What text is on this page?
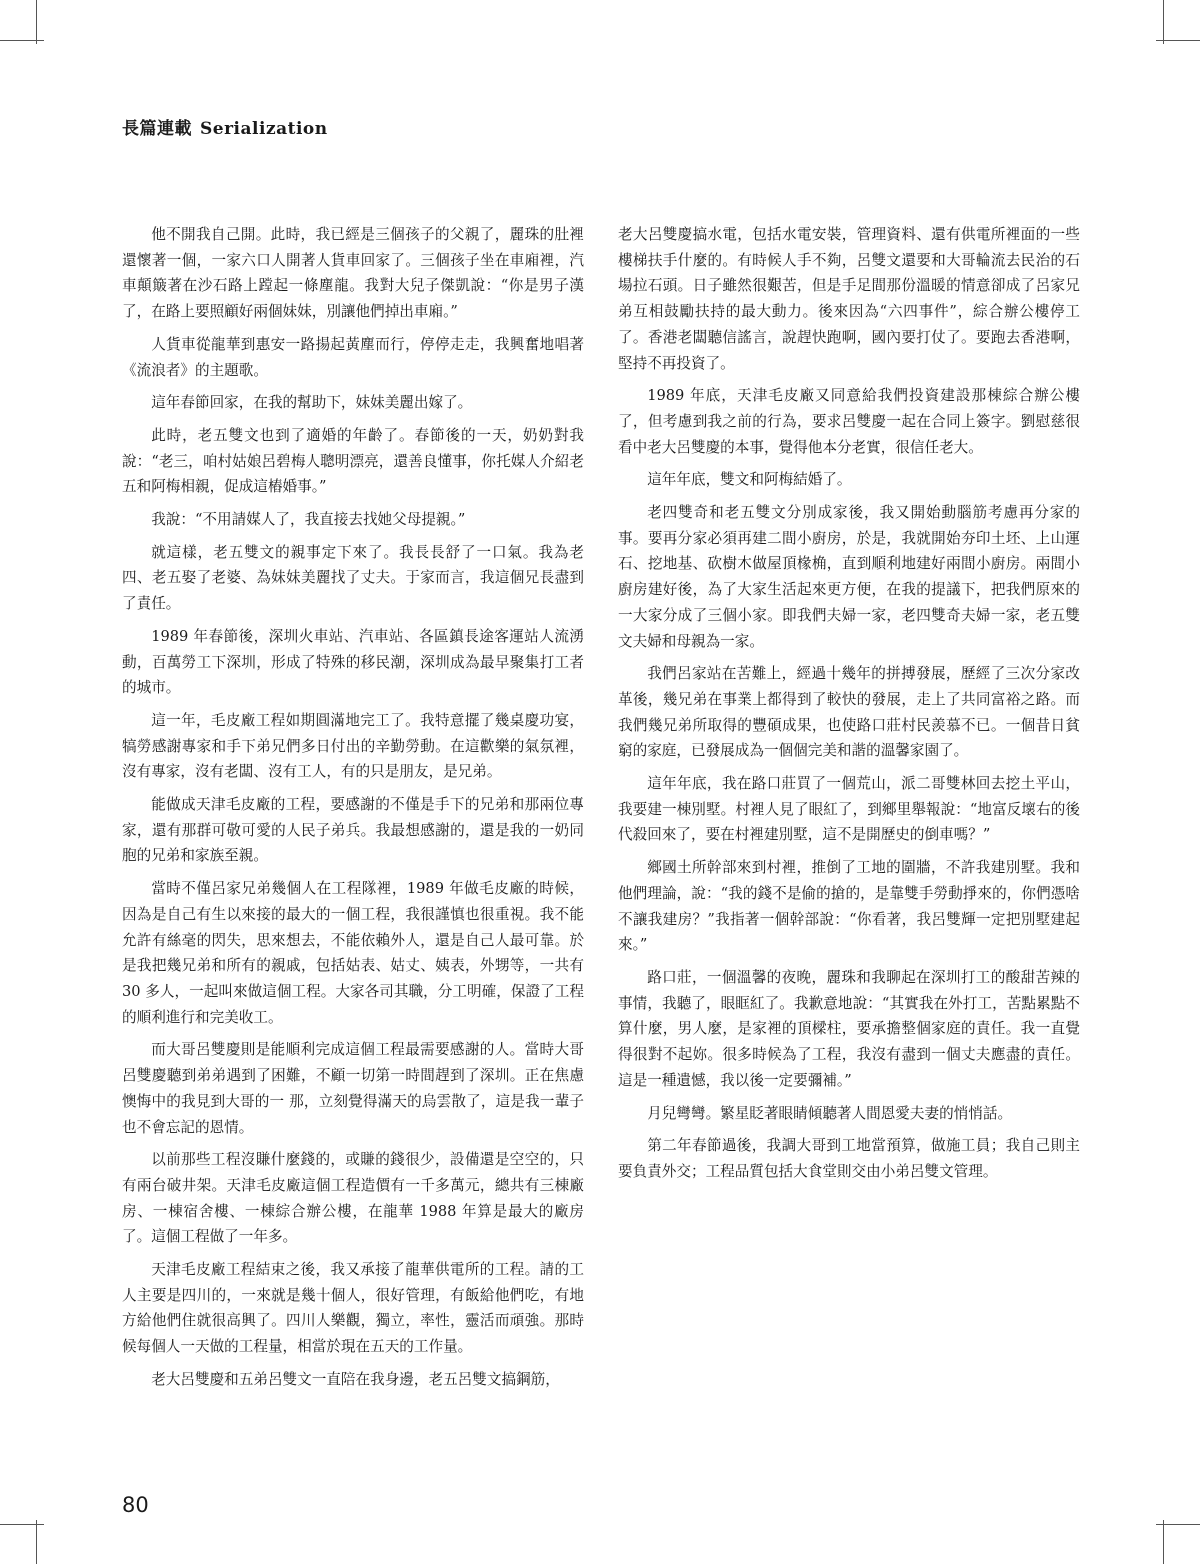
長篇連載 Serialization

他不開我自己開。此時，我已經是三個孩子的父親了，麗珠的肚裡還懷著一個，一家六口人開著人貨車回家了。三個孩子坐在車廂裡，汽車顛簸著在沙石路上蹚起一條塵龍。我對大兒子傑凱說：“你是男子漢了，在路上要照顧好兩個妹妹，別讓他們掉出車廂。”

人貨車從龍華到惠安一路揚起黃塵而行，停停走走，我興奮地唱著《流浪者》的主題歌。

這年春節回家，在我的幫助下，妹妹美麗出嫁了。

此時，老五雙文也到了適婚的年齡了。春節後的一天，奶奶對我說：“老三，咱村姑娘呂碧梅人聰明漂亮，還善良懂事，你托媒人介紹老五和阿梅相親，促成這樁婚事。”

我說：“不用請媒人了，我直接去找她父母提親。”

就這樣，老五雙文的親事定下來了。我長長舒了一口氣。我為老四、老五娶了老婆、為妹妹美麗找了丈夫。于家而言，我這個兄長盡到了責任。

1989 年春節後，深圳火車站、汽車站、各區鎮長途客運站人流湧動，百萬勞工下深圳，形成了特殊的移民潮，深圳成為最早聚集打工者的城市。

這一年，毛皮廠工程如期圓滿地完工了。我特意擺了幾桌慶功宴，犒勞感謝專家和手下弟兄們多日付出的辛勤勞動。在這歡樂的氣氛裡，沒有專家，沒有老闆、沒有工人，有的只是朋友，是兄弟。

能做成天津毛皮廠的工程，要感謝的不僅是手下的兄弟和那兩位專家，還有那群可敬可愛的人民子弟兵。我最想感謝的，還是我的一奶同胞的兄弟和家族至親。

當時不僅呂家兄弟幾個人在工程隊裡，1989 年做毛皮廠的時候，因為是自己有生以來接的最大的一個工程，我很謹慎也很重視。我不能允許有絲毫的閃失，思來想去，不能依賴外人，還是自己人最可靠。於是我把幾兄弟和所有的親戚，包括姑表、姑丈、姨表，外甥等，一共有 30 多人，一起叫來做這個工程。大家各司其職，分工明確，保證了工程的順利進行和完美收工。

而大哥呂雙慶則是能順利完成這個工程最需要感謝的人。當時大哥呂雙慶聽到弟弟遇到了困難，不顧一切第一時間趕到了深圳。正在焦慮懊悔中的我見到大哥的一 那，立刻覺得滿天的烏雲散了，這是我一輩子也不會忘記的恩情。

以前那些工程沒賺什麼錢的，或賺的錢很少，設備還是空空的，只有兩台破井架。天津毛皮廠這個工程造價有一千多萬元，總共有三棟廠房、一棟宿舍樓、一棟綜合辦公樓，在龍華 1988 年算是最大的廠房了。這個工程做了一年多。

天津毛皮廠工程結束之後，我又承接了龍華供電所的工程。請的工人主要是四川的，一來就是幾十個人，很好管理，有飯給他們吃，有地方給他們住就很高興了。四川人樂觀，獨立，率性，靈活而頑強。那時候每個人一天做的工程量，相當於現在五天的工作量。

老大呂雙慶和五弟呂雙文一直陪在我身邊，老五呂雙文搞鋼筋，

老大呂雙慶搞水電，包括水電安裝，管理資料、還有供電所裡面的一些樓梯扶手什麼的。有時候人手不夠，呂雙文還要和大哥輪流去民治的石場拉石頭。日子雖然很艱苦，但是手足間那份溫暖的情意卻成了呂家兄弟互相鼓勵扶持的最大動力。後來因為“六四事件”，綜合辦公樓停工了。香港老闆聽信謠言，說趕快跑啊，國內要打仗了。要跑去香港啊，堅持不再投資了。

1989 年底，天津毛皮廠又同意給我們投資建設那棟綜合辦公樓了，但考慮到我之前的行為，要求呂雙慶一起在合同上簽字。劉慰慈很看中老大呂雙慶的本事，覺得他本分老實，很信任老大。

這年年底，雙文和阿梅結婚了。

老四雙奇和老五雙文分別成家後，我又開始動腦筋考慮再分家的事。要再分家必須再建二間小廚房，於是，我就開始夯印土坯、上山運石、挖地基、砍樹木做屋頂椽桷，直到順利地建好兩間小廚房。兩間小廚房建好後，為了大家生活起來更方便，在我的提議下，把我們原來的一大家分成了三個小家。即我們夫婦一家，老四雙奇夫婦一家，老五雙文夫婦和母親為一家。

我們呂家站在苦難上，經過十幾年的拼搏發展，歷經了三次分家改革後，幾兄弟在事業上都得到了較快的發展，走上了共同富裕之路。而我們幾兄弟所取得的豐碩成果，也使路口莊村民羨慕不已。一個昔日貧窮的家庭，已發展成為一個個完美和諧的溫馨家園了。

這年年底，我在路口莊買了一個荒山，派二哥雙林回去挖土平山，我要建一棟別墅。村裡人見了眼紅了，到鄉里舉報說：“地富反壞右的後代殺回來了，要在村裡建別墅，這不是開歷史的倒車嗎？”

鄉國土所幹部來到村裡，推倒了工地的圍牆，不許我建別墅。我和他們理論，說：“我的錢不是偷的搶的，是靠雙手勞動掙來的，你們憑啥不讓我建房？”我指著一個幹部說：“你看著，我呂雙輝一定把別墅建起來。”

路口莊，一個溫馨的夜晚，麗珠和我聊起在深圳打工的酸甜苦辣的事情，我聽了，眼眶紅了。我歉意地說：“其實我在外打工，苦點累點不算什麼，男人麼，是家裡的頂樑柱，要承擔整個家庭的責任。我一直覺得很對不起妳。很多時候為了工程，我沒有盡到一個丈夫應盡的責任。這是一種遺憾，我以後一定要彌補。”

月兒彎彎。繁星眨著眼睛傾聽著人間恩愛夫妻的悄悄話。

第二年春節過後，我調大哥到工地當預算，做施工員；我自己則主要負責外交；工程品質包括大食堂則交由小弟呂雙文管理。

80
